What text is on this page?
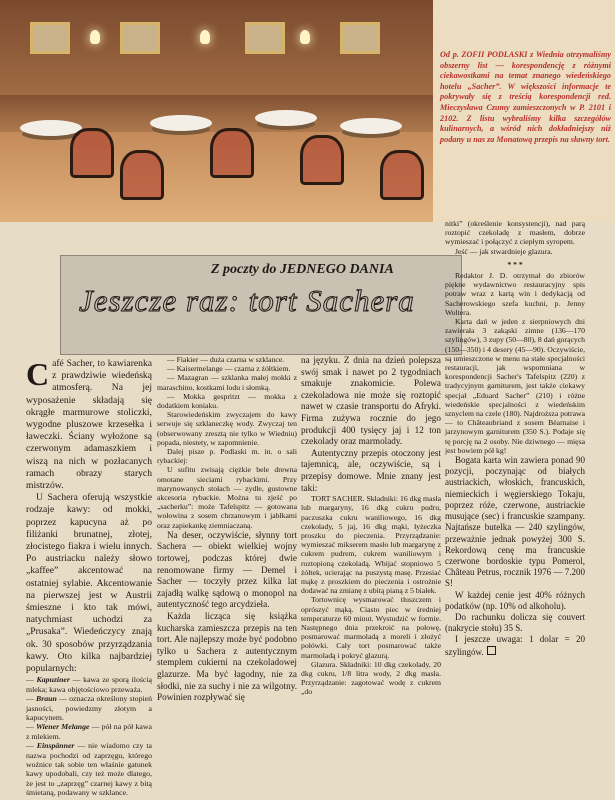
Od p. ZOFII PODLASKI z Wiednia otrzymaliśmy obszerny list — korespondencję z różnymi ciekawostkami na temat znanego wiedeńskiego hotelu „Sacher”. W większości informacje te pokrywały się z treścią korespondencji red. Mieczysława Czumy zamieszczonych w P. 2101 i 2102. Z listu wybraliśmy kilka szczegółów kulinarnych, a wśród nich dokładniejszy niż podany u nas za Monatową przepis na sławny tort.

Z poczty do JEDNEGO DANIA
Jeszcze raz: tort Sachera

C afé Sacher, to kawiarenka z prawdziwie wiedeńską atmosferą. Na jej wyposażenie składają się okrągłe marmurowe stoliczki, wygodne pluszowe krzesełka i ławeczki. Ściany wyłożone są czerwonym adamaszkiem i wiszą na nich w pozłacanych ramach obrazy starych mistrzów.

U Sachera oferują wszystkie rodzaje kawy: od mokki, poprzez kapucyna aż po filiżanki brunatnej, złotej, złocistego fiakra i wielu innych. Po austriacku należy słowo „kaffee” akcentować na ostatniej sylabie. Akcentowanie na pierwszej jest w Austrii śmieszne i kto tak mówi, natychmiast uchodzi za „Prusaka”. Wiedeńczycy znają ok. 30 sposobów przyrządzania kawy. Oto kilka najbardziej popularnych:

— Kapuziner — kawa ze sporą ilością mleka; kawa objętościowo przeważa.

— Braun — oznacza określony stopień jasności, powiedzmy złotym a kapucynem.

— Wiener Melange — pół na pół kawa z mlekiem.

— Einspänner — nie wiadomo czy ta nazwa pochodzi od zaprzęgu, którego woźnice tak sobie ten właśnie gatunek kawy upodobali, czy też może dlatego, że jest to „zaprzęg” czarnej kawy z bitą śmietaną, podawany w szklance.

— Fiakier — duża czarna w szklance.

— Kaisermelange — czarna z żółtkiem.

— Mazagran — szklanka małej mokki z maraschino, kostkami lodu i słomką.

— Mokka gespritzt — mokka z dodatkiem koniaku.

Starowiedeńskim zwyczajem do kawy serwuje się szklaneczkę wody. Zwyczaj ten (obserwowany zresztą nie tylko w Wiedniu) popada, niestety, w zapomnienie.

Dalej pisze p. Podlaski m. in. o sali rybackiej:

U sufitu zwisają ciężkie bele drewna omotane sieciami rybackimi. Przy marynowanych stołach — zydle, gustowne akcesoria rybackie. Można tu zjeść po „sacherku”: może Tafelspitz — gotowana wołowina z sosem chrzanowym i jabłkami oraz zapiekankę ziemniaczaną.

Na deser, oczywiście, słynny tort Sachera — obiekt wielkiej wojny tortowej, podczas której dwie renomowane firmy — Demel i Sacher — toczyły przez kilka lat zajadłą walkę sądową o monopol na autentyczność tego arcydzieła.

Każda licząca się książka kucharska zamieszcza przepis na ten tort. Ale najlepszy może być podobno tylko u Sachera z autentycznym stemplem cukierni na czekoladowej glazurze. Ma być łagodny, nie za słodki, nie za suchy i nie za wilgotny. Powinien rozpływać się

na języku. Z dnia na dzień polepsza swój smak i nawet po 2 tygodniach smakuje znakomicie. Polewa czekoladowa nie może się roztopić nawet w czasie transportu do Afryki. Firma zużywa rocznie do jego produkcji 400 tysięcy jaj i 12 ton czekolady oraz marmolady.

Autentyczny przepis otoczony jest tajemnicą, ale, oczywiście, są i przepisy domowe. Mnie znany jest taki:

TORT SACHER. Składniki: 16 dkg masła lub margaryny, 16 dkg cukru pudru, paczuszka cukru waniliowego, 16 dkg czekolady, 5 jaj, 16 dkg mąki, łyżeczka proszku do pieczenia. Przyrządzanie: wymieszać mikserem masło lub margarynę z cukrem pudrem, cukrem waniliowym i roztopioną czekoladą. Wbijać stopniowo 5 żółtek, ucierając na puszystą masę. Przesiać mąkę z proszkiem do pieczenia i ostrożnie dodawać na zmianę z ubitą pianą z 5 białek.

Tortownicę wysmarować tłuszczem i oprószyć mąką. Ciasto piec w średniej temperaturze 60 minut. Wystudzić w formie. Następnego dnia przekroić na połowę, posmarować marmoladą z moreli i złożyć połówki. Cały tort posmarować także marmoladą i pokryć glazurą.

Glazura. Składniki: 10 dkg czekolady, 20 dkg cukru, 1/8 litra wody, 2 dkg masła. Przyrządzanie: zagotować wodę z cukrem „do

nitki” (określenie konsystencji), nad parą roztopić czekoladę z masłem, dobrze wymieszać i połączyć z ciepłym syropem.

Jeść — jak stwardnieje glazura.

* * *

Redaktor J. D. otrzymał do zbiorów piękne wydawnictwo restauracyjny spis potraw wraz z kartą win i dedykacją od Sacherowskiego szefa kuchni, p. Jenny Woltera.

Karta dań w jeden z sierpniowych dni zawierała 3 zakąski zimne (136—170 szylingów), 3 zupy (50—80), 8 dań gorących (150—350) i 4 desery (45—90). Oczywiście, są umieszczone w menu na stałe specjalności restauracji, jak wspomniana w korespondencji Sacher's Tafelspitz (220) z tradycyjnym garniturem, jest także ciekawy specjał „Eduard Sacher” (210) i różne wiedeńskie specjalności z wiedeńskim sznyclem na czele (180). Najdroższa potrawa — to Châteaubriand z sosem Béarnaise i jarzynowym garniturem (350 S.). Podaje się tę porcję na 2 osoby. Nie dziwnego — mięsa jest bowiem pół kg!

Bogata karta win zawiera ponad 90 pozycji, poczynając od białych austriackich, włoskich, francuskich, niemieckich i węgierskiego Tokaju, poprzez róże, czerwone, austriackie musujące (sec) i francuskie szampany. Najtańsze butelka — 240 szylingów, przeważnie jednak powyżej 300 S. Rekordową cenę ma francuskie czerwone bordoskie typu Pomerol, Château Petrus, rocznik 1976 — 7.200 S!

W każdej cenie jest 40% różnych podatków (np. 10% od alkoholu).

Do rachunku dolicza się couvert (nakrycie stołu) 35 S.

I jeszcze uwaga: 1 dolar = 20 szylingów.
